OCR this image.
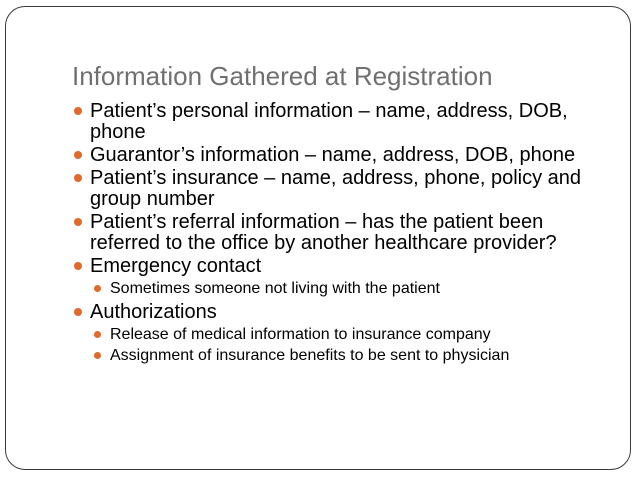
Information Gathered at Registration
Patient’s personal information – name, address, DOB, phone
Guarantor’s information – name, address, DOB, phone
Patient’s insurance – name, address, phone, policy and group number
Patient’s referral information – has the patient been referred to the office by another healthcare provider?
Emergency contact
Sometimes someone not living with the patient
Authorizations
Release of medical information to insurance company
Assignment of insurance benefits to be sent to physician
